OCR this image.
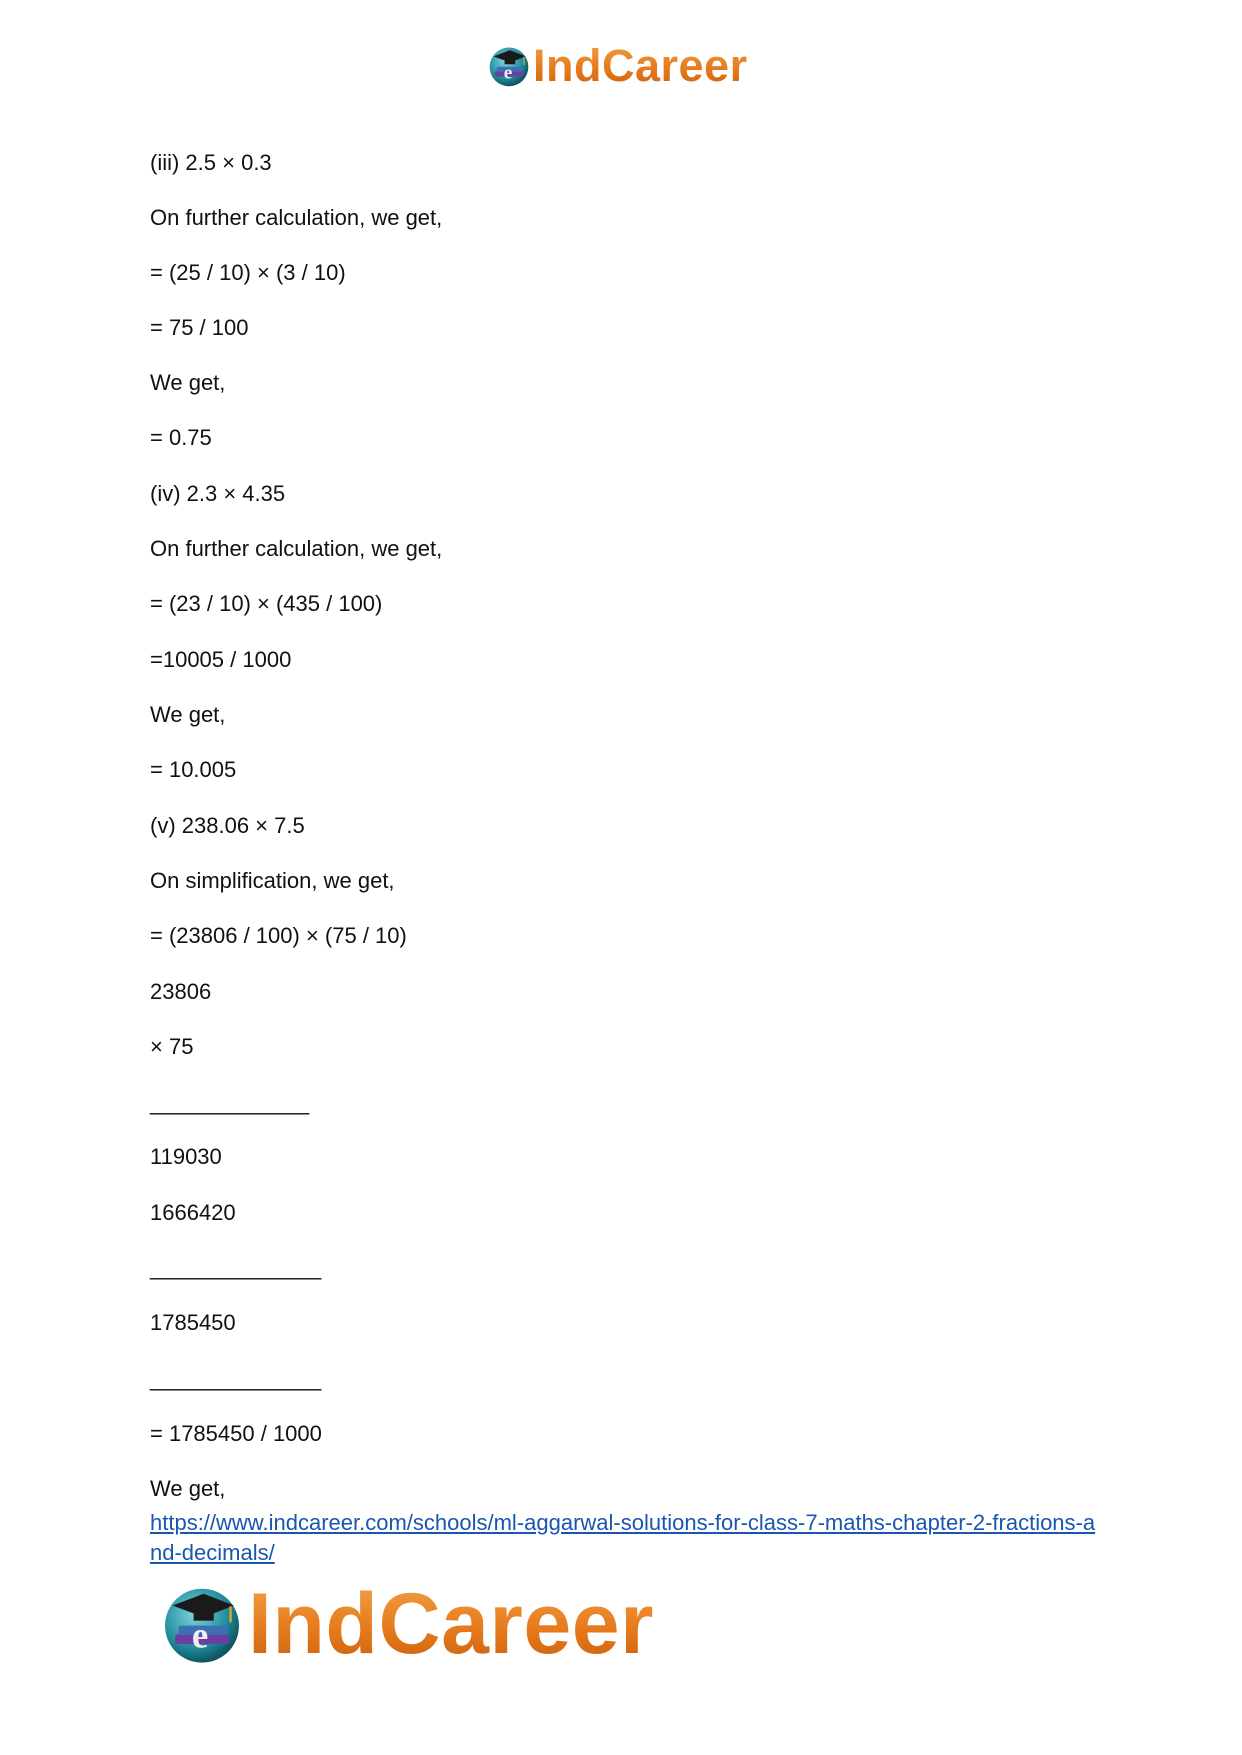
e IndCareer
(iii) 2.5 × 0.3
On further calculation, we get,
= (25 / 10) × (3 / 10)
= 75 / 100
We get,
= 0.75
(iv) 2.3 × 4.35
On further calculation, we get,
= (23 / 10) × (435 / 100)
=10005 / 1000
We get,
= 10.005
(v) 238.06 × 7.5
On simplification, we get,
= (23806 / 100) × (75 / 10)
23806
× 75
_____________
119030
1666420
______________
1785450
______________
= 1785450 / 1000
We get,
https://www.indcareer.com/schools/ml-aggarwal-solutions-for-class-7-maths-chapter-2-fractions-and-decimals/
e IndCareer
